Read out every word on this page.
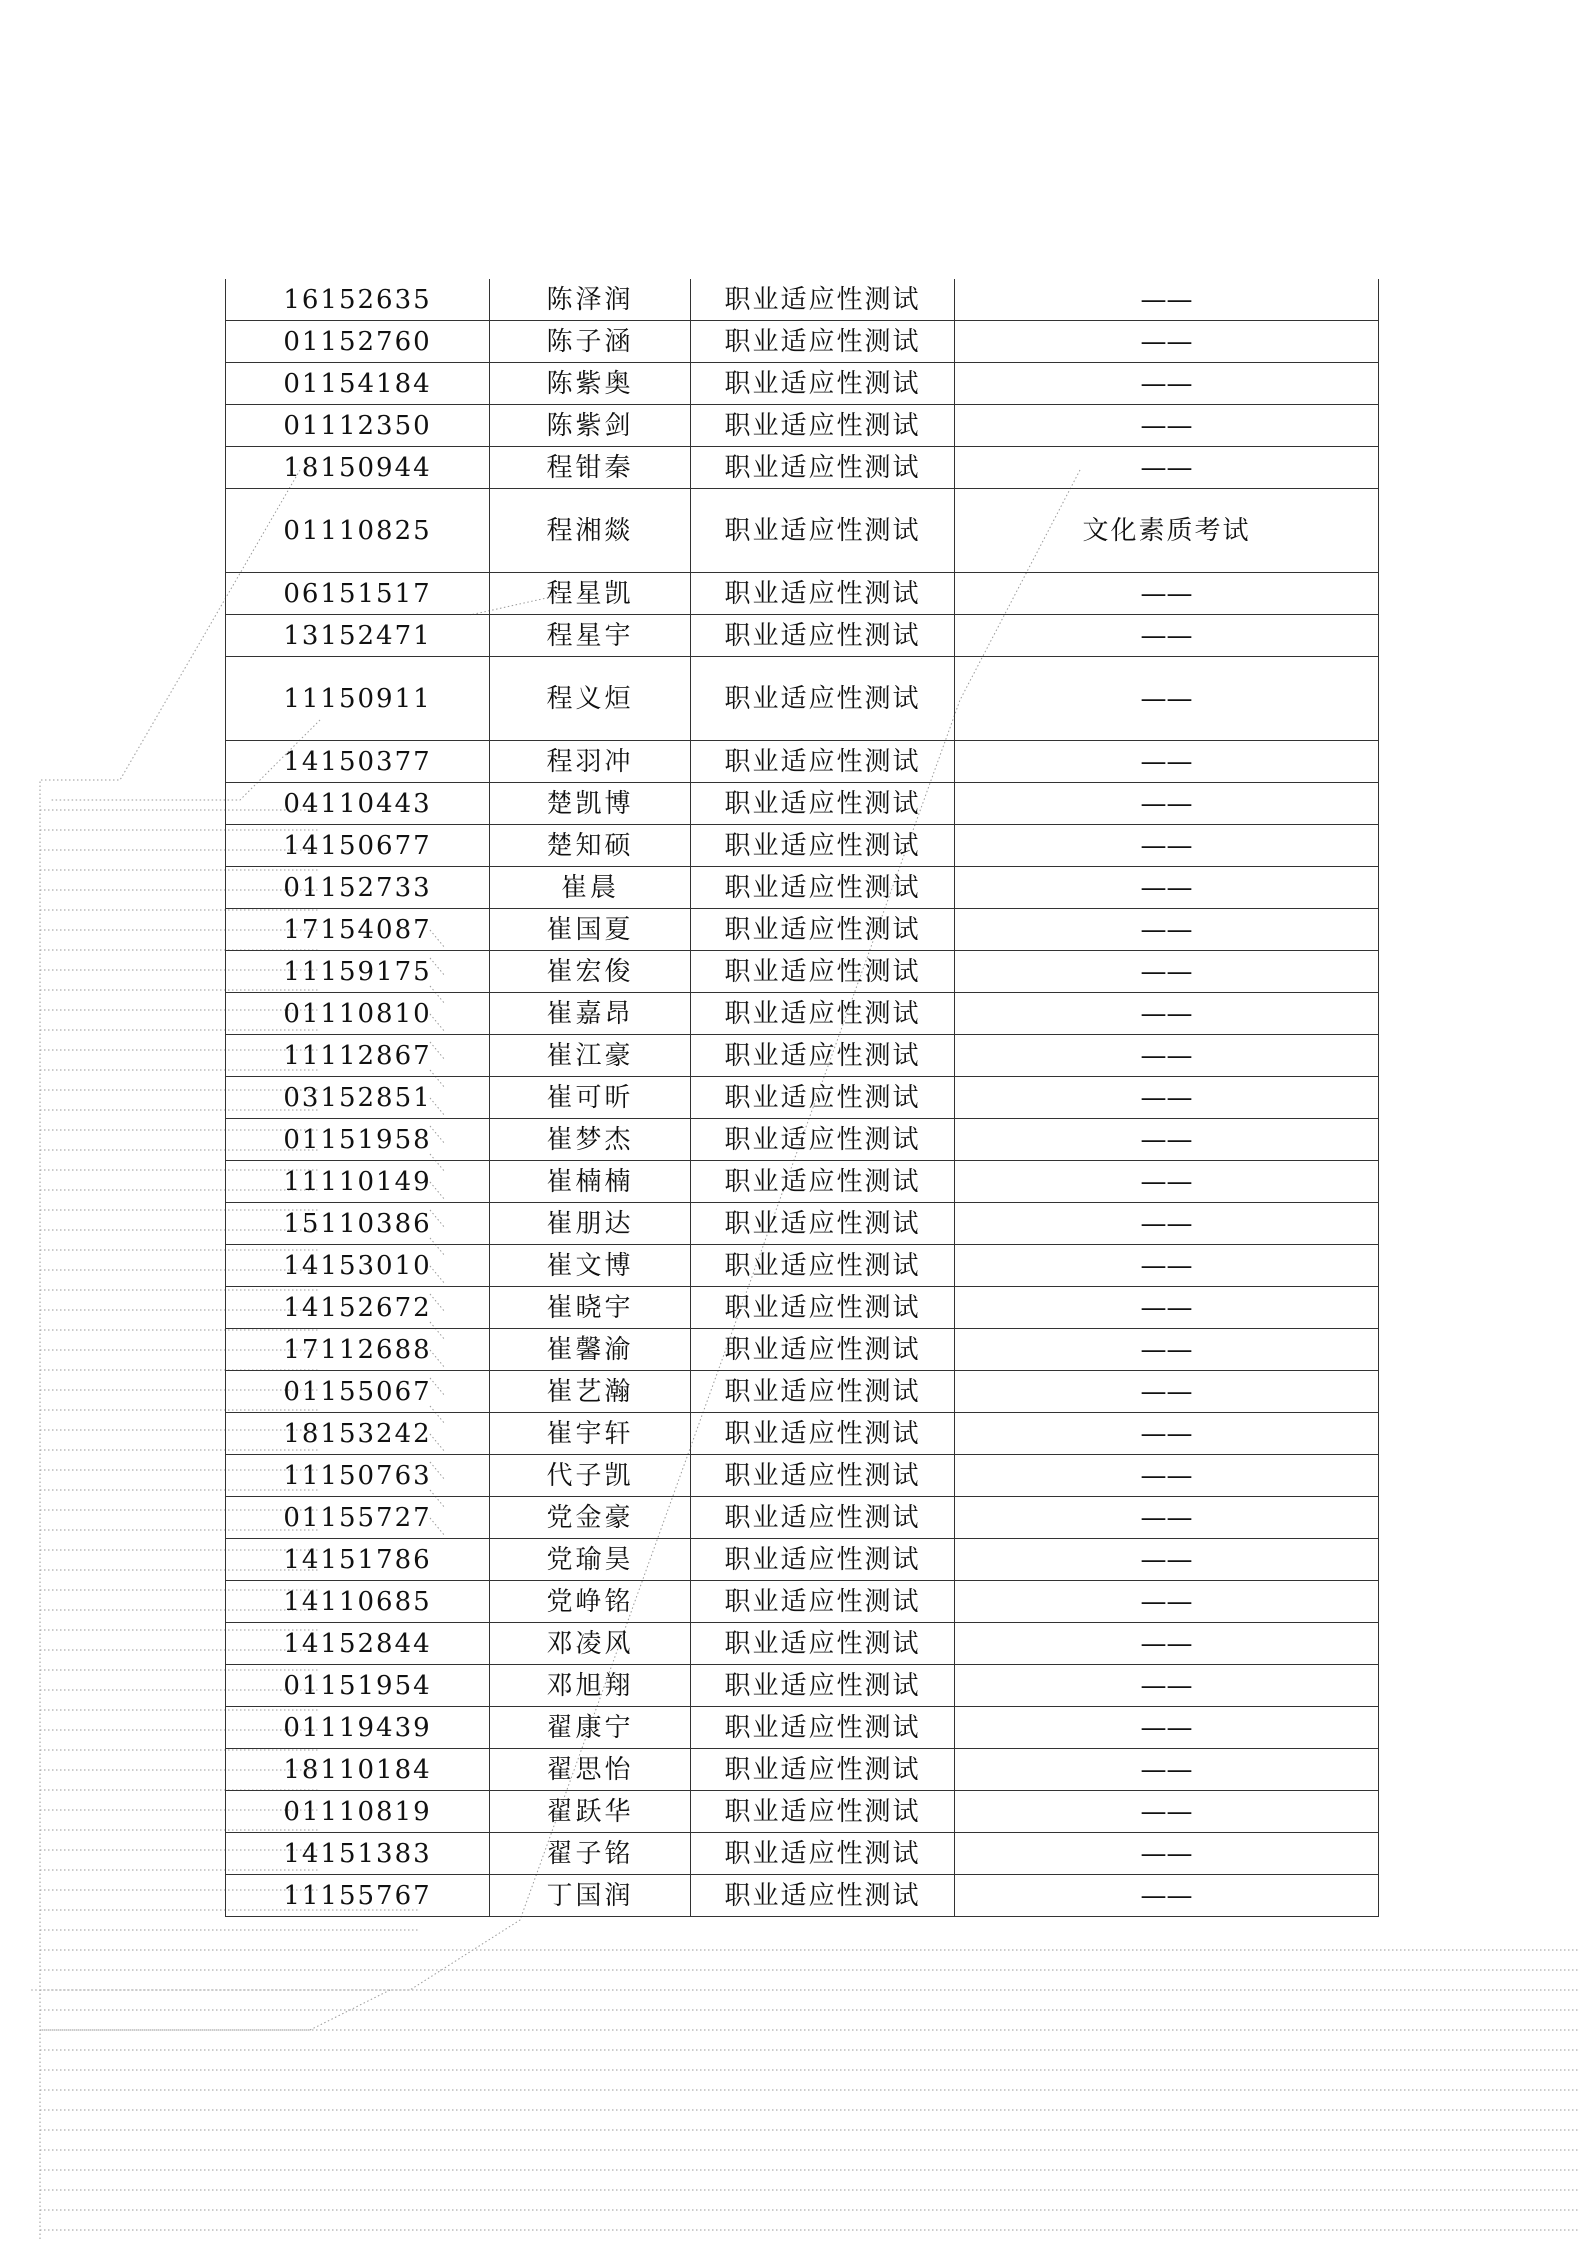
16152635	陈泽润	职业适应性测试	——
01152760	陈子涵	职业适应性测试	——
01154184	陈紫奥	职业适应性测试	——
01112350	陈紫剑	职业适应性测试	——
18150944	程钳秦	职业适应性测试	——
01110825	程湘燚	职业适应性测试	文化素质考试
06151517	程星凯	职业适应性测试	——
13152471	程星宇	职业适应性测试	——
11150911	程义烜	职业适应性测试	——
14150377	程羽冲	职业适应性测试	——
04110443	楚凯博	职业适应性测试	——
14150677	楚知硕	职业适应性测试	——
01152733	崔晨	职业适应性测试	——
17154087	崔国夏	职业适应性测试	——
11159175	崔宏俊	职业适应性测试	——
01110810	崔嘉昂	职业适应性测试	——
11112867	崔江豪	职业适应性测试	——
03152851	崔可昕	职业适应性测试	——
01151958	崔梦杰	职业适应性测试	——
11110149	崔楠楠	职业适应性测试	——
15110386	崔朋达	职业适应性测试	——
14153010	崔文博	职业适应性测试	——
14152672	崔晓宇	职业适应性测试	——
17112688	崔馨渝	职业适应性测试	——
01155067	崔艺瀚	职业适应性测试	——
18153242	崔宇轩	职业适应性测试	——
11150763	代子凯	职业适应性测试	——
01155727	党金豪	职业适应性测试	——
14151786	党瑜昊	职业适应性测试	——
14110685	党峥铭	职业适应性测试	——
14152844	邓凌风	职业适应性测试	——
01151954	邓旭翔	职业适应性测试	——
01119439	翟康宁	职业适应性测试	——
18110184	翟思怡	职业适应性测试	——
01110819	翟跃华	职业适应性测试	——
14151383	翟子铭	职业适应性测试	——
11155767	丁国润	职业适应性测试	——
